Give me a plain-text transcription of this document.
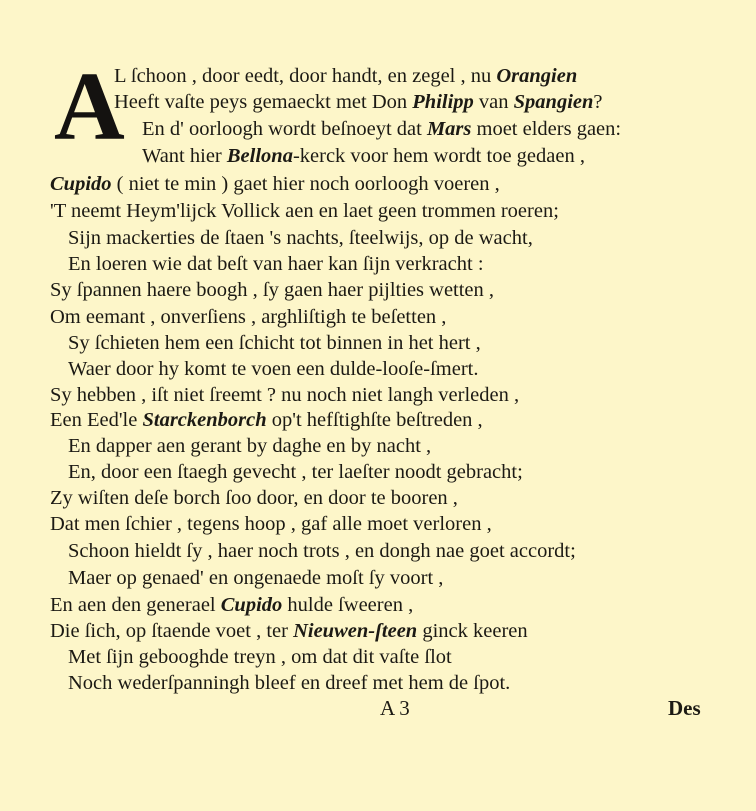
A
L ſchoon , door eedt, door handt, en zegel , nu Orangien
Heeft vaſte peys gemaeckt met Don Philipp van Spangien?
En d' oorloogh wordt beſnoeyt dat Mars moet elders gaen:
Want hier Bellona-kerck voor hem wordt toe gedaen ,
Cupido ( niet te min ) gaet hier noch oorloogh voeren ,
'T neemt Heym'lijck Vollick aen en laet geen trommen roeren;
Sijn mackerties de ſtaen 's nachts, ſteelwijs, op de wacht,
En loeren wie dat beſt van haer kan ſijn verkracht :
Sy ſpannen haere boogh , ſy gaen haer pijlties wetten ,
Om eemant , onverſiens , arghliſtigh te beſetten ,
Sy ſchieten hem een ſchicht tot binnen in het hert ,
Waer door hy komt te voen een dulde-looſe-ſmert.
Sy hebben , iſt niet ſreemt ? nu noch niet langh verleden ,
Een Eed'le Starckenborch op't hefſtighſte beſtreden ,
En dapper aen gerant by daghe en by nacht ,
En, door een ſtaegh gevecht , ter laeſter noodt gebracht;
Zy wiſten deſe borch ſoo door, en door te booren ,
Dat men ſchier , tegens hoop , gaf alle moet verloren ,
Schoon hieldt ſy , haer noch trots , en dongh nae goet accordt;
Maer op genaed' en ongenaede moſt ſy voort ,
En aen den generael Cupido hulde ſweeren ,
Die ſich, op ſtaende voet , ter Nieuwen-ſteen ginck keeren
Met ſijn gebooghde treyn , om dat dit vaſte ſlot
Noch wederſpanningh bleef en dreef met hem de ſpot.
A 3	Des
